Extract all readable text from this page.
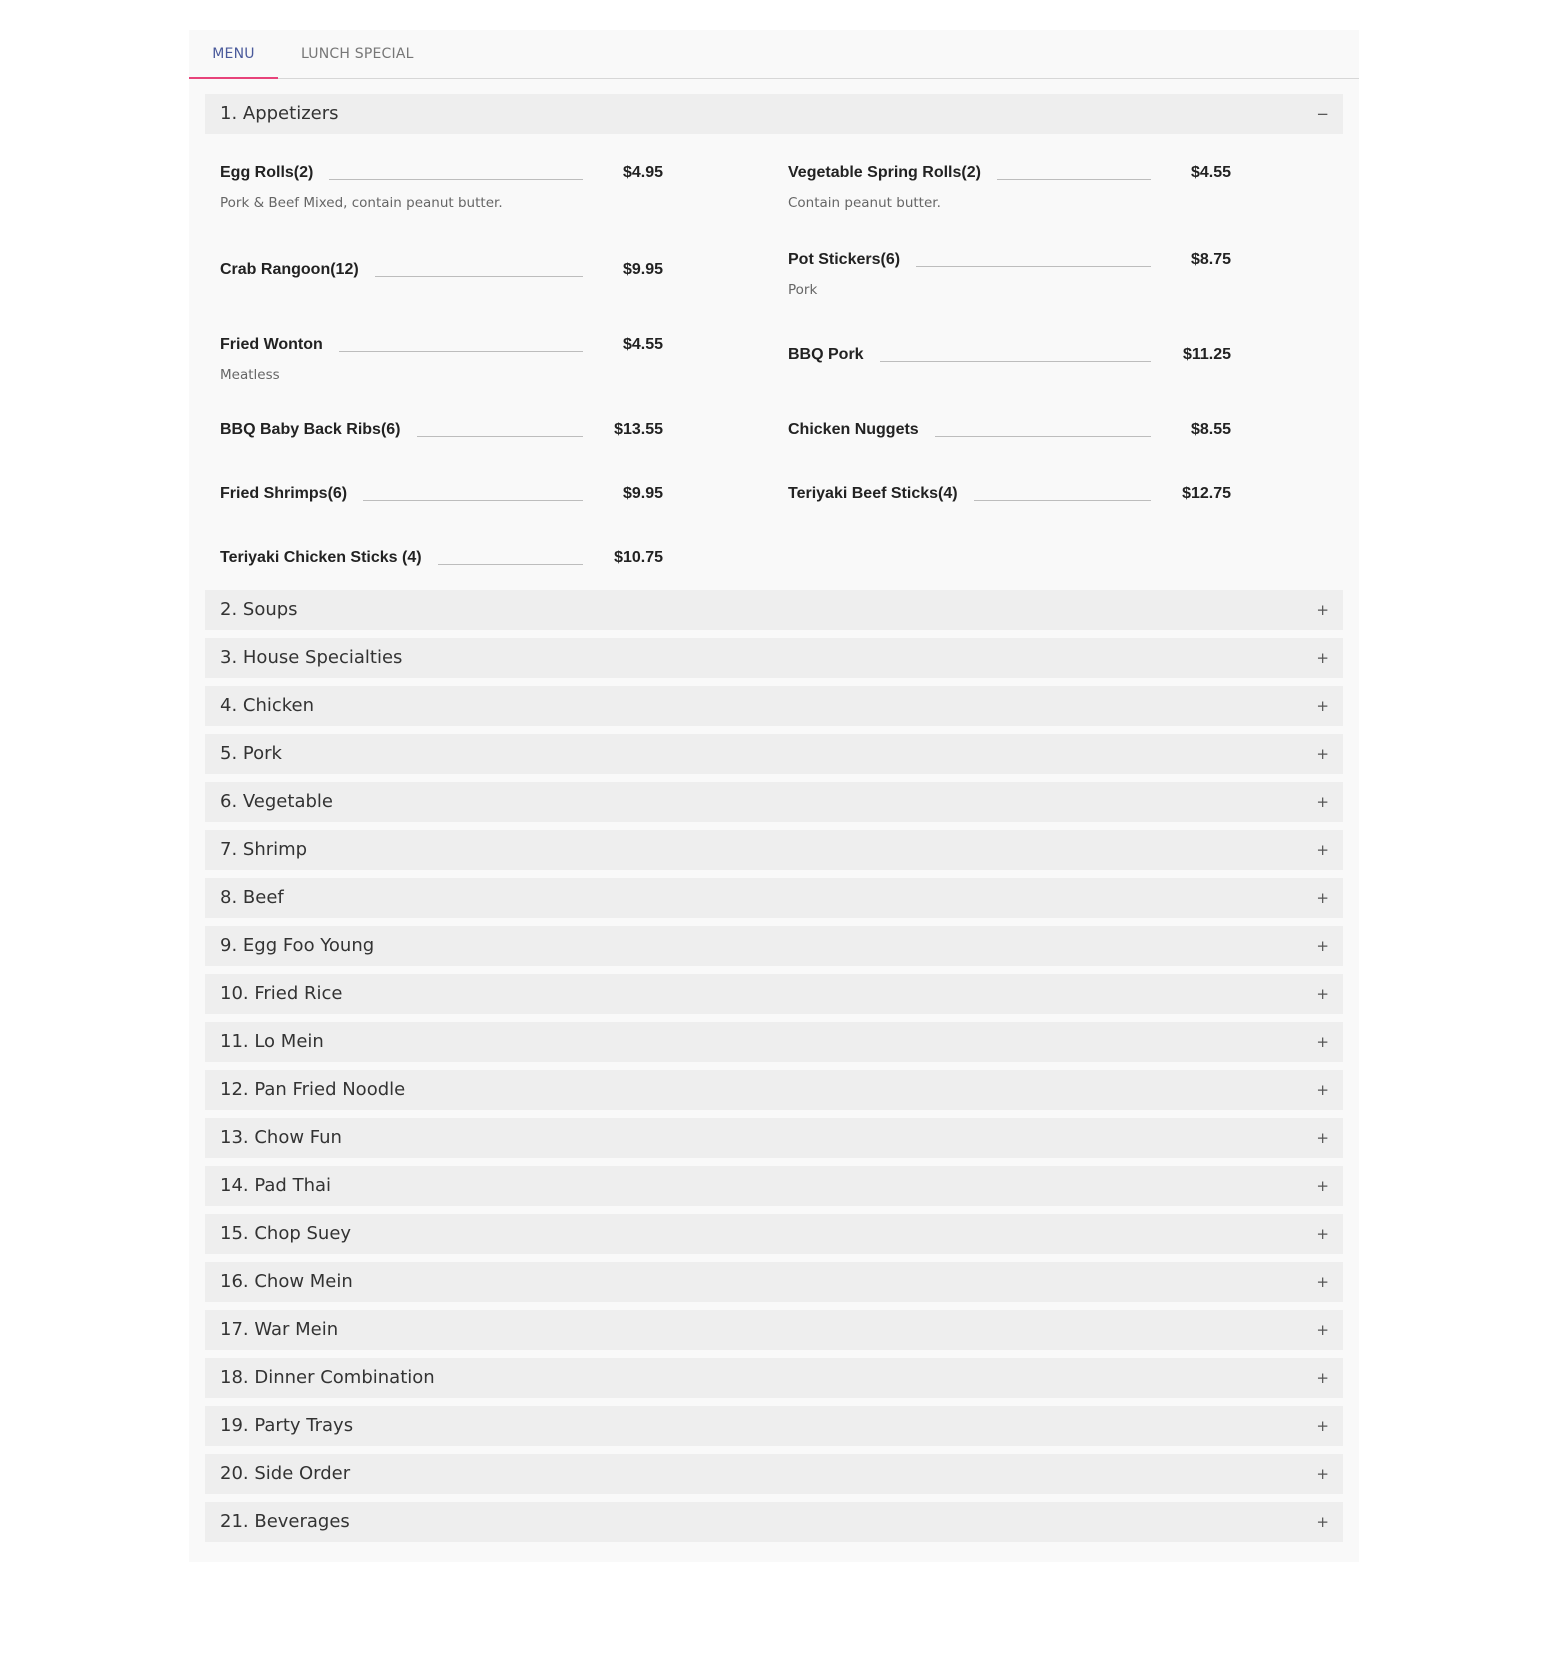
MENU	LUNCH SPECIAL
1. Appetizers	−
Egg Rolls(2)	$4.95
Pork & Beef Mixed, contain peanut butter.
Vegetable Spring Rolls(2)	$4.55
Contain peanut butter.
Crab Rangoon(12)	$9.95
Pot Stickers(6)	$8.75
Pork
Fried Wonton	$4.55
Meatless
BBQ Pork	$11.25
BBQ Baby Back Ribs(6)	$13.55	Chicken Nuggets	$8.55
Fried Shrimps(6)	$9.95	Teriyaki Beef Sticks(4)	$12.75
Teriyaki Chicken Sticks (4)	$10.75
2. Soups	+
3. House Specialties	+
4. Chicken	+
5. Pork	+
6. Vegetable	+
7. Shrimp	+
8. Beef	+
9. Egg Foo Young	+
10. Fried Rice	+
11. Lo Mein	+
12. Pan Fried Noodle	+
13. Chow Fun	+
14. Pad Thai	+
15. Chop Suey	+
16. Chow Mein	+
17. War Mein	+
18. Dinner Combination	+
19. Party Trays	+
20. Side Order	+
21. Beverages	+
